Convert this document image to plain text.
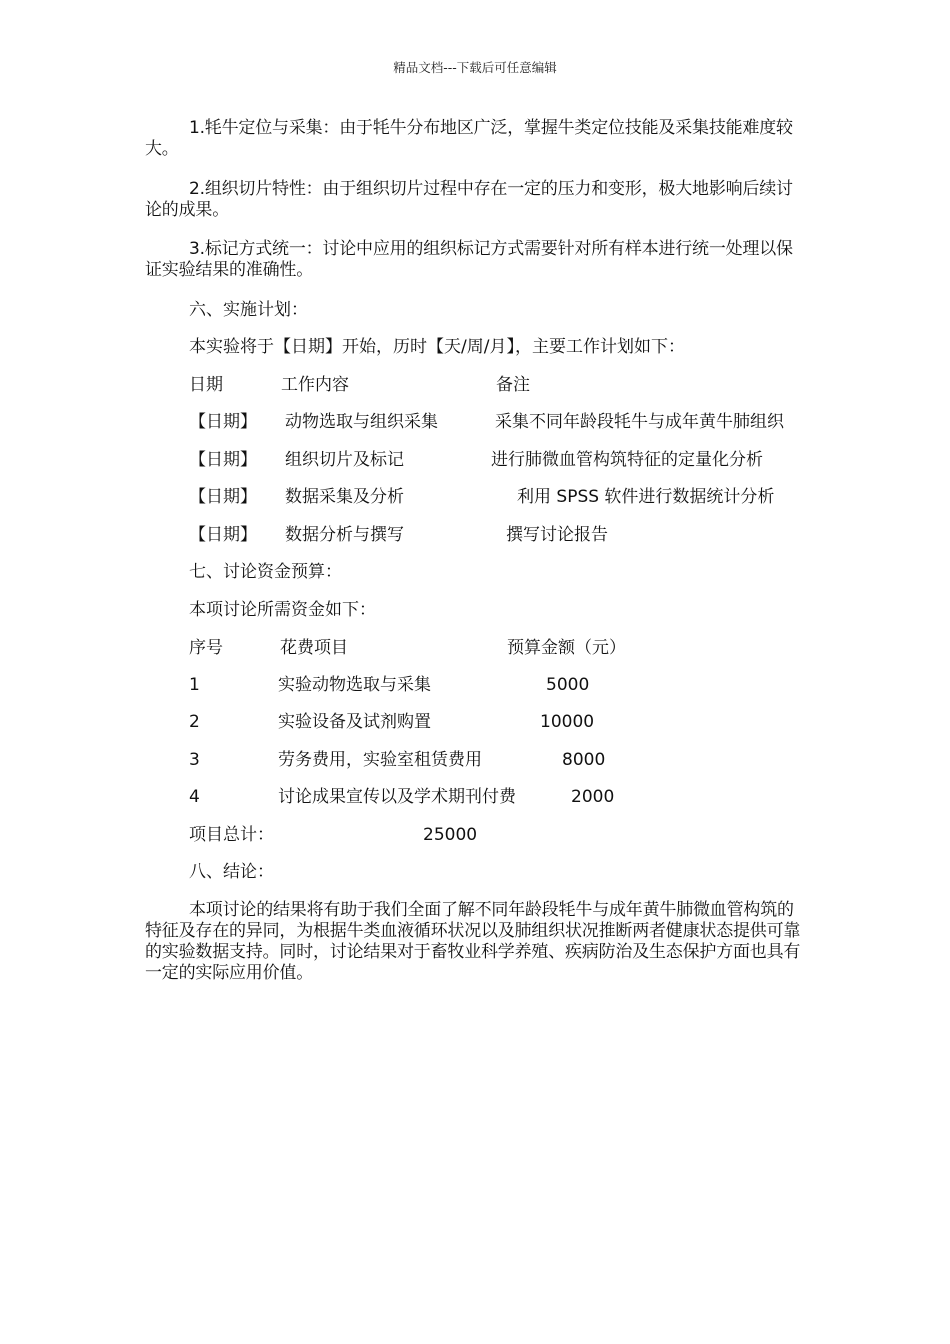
精品文档---下载后可任意编辑

1.牦牛定位与采集：由于牦牛分布地区广泛，掌握牛类定位技能及采集技能难度较大。

2.组织切片特性：由于组织切片过程中存在一定的压力和变形，极大地影响后续讨论的成果。

3.标记方式统一：讨论中应用的组织标记方式需要针对所有样本进行统一处理以保证实验结果的准确性。

六、实施计划：
本实验将于【日期】开始，历时【天/周/月】，主要工作计划如下：
日期	工作内容	备注
【日期】 动物选取与组织采集	采集不同年龄段牦牛与成年黄牛肺组织
【日期】 组织切片及标记	进行肺微血管构筑特征的定量化分析
【日期】 数据采集及分析	利用 SPSS 软件进行数据统计分析
【日期】 数据分析与撰写	撰写讨论报告
七、讨论资金预算：
本项讨论所需资金如下：
序号	花费项目	预算金额（元）
1	实验动物选取与采集	5000
2	实验设备及试剂购置	10000
3	劳务费用，实验室租赁费用	8000
4	讨论成果宣传以及学术期刊付费	2000
项目总计：	25000
八、结论：

本项讨论的结果将有助于我们全面了解不同年龄段牦牛与成年黄牛肺微血管构筑的特征及存在的异同，为根据牛类血液循环状况以及肺组织状况推断两者健康状态提供可靠的实验数据支持。同时，讨论结果对于畜牧业科学养殖、疾病防治及生态保护方面也具有一定的实际应用价值。
